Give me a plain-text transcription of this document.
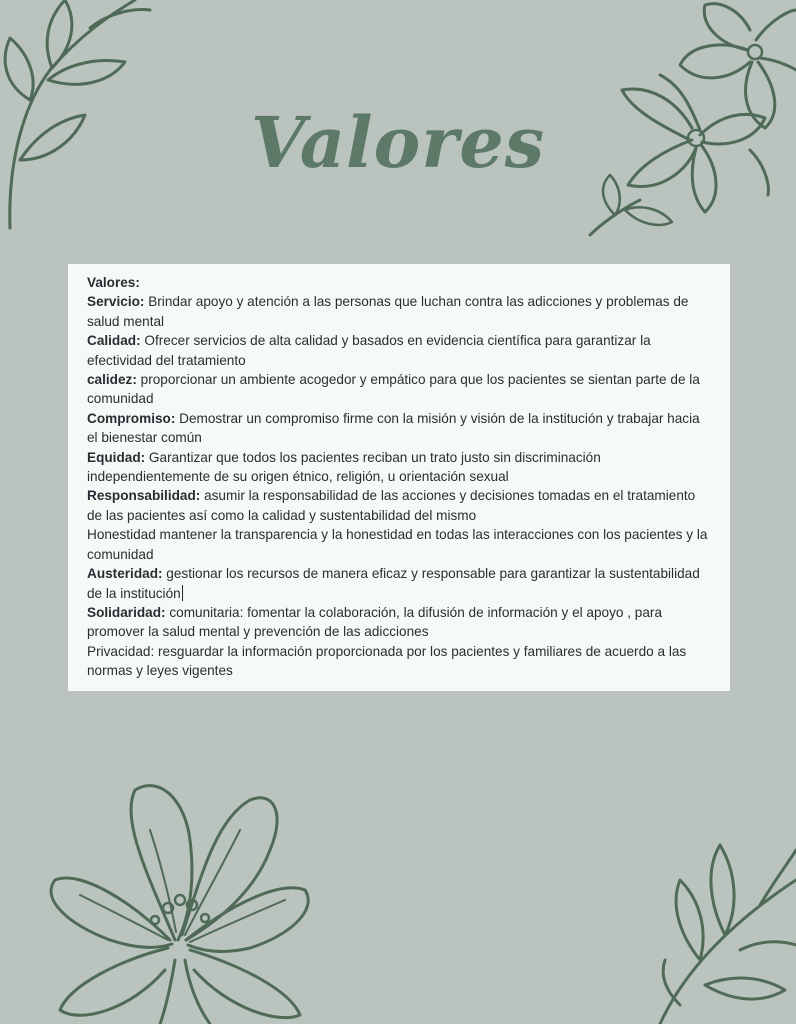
Valores
Valores:
Servicio: Brindar apoyo y atención a las personas que luchan contra las adicciones y problemas de salud mental
Calidad: Ofrecer servicios de alta calidad y basados en evidencia científica para garantizar la efectividad del tratamiento
calidez: proporcionar un ambiente acogedor y empático para que los pacientes se sientan parte de la comunidad
Compromiso: Demostrar un compromiso firme con la misión y visión de la institución y trabajar hacia el bienestar común
Equidad: Garantizar que todos los pacientes reciban un trato justo sin discriminación independientemente de su origen étnico, religión, u orientación sexual
Responsabilidad: asumir la responsabilidad de las acciones y decisiones tomadas en el tratamiento de las pacientes así como la calidad y sustentabilidad del mismo
Honestidad mantener la transparencia y la honestidad en todas las interacciones con los pacientes y la comunidad
Austeridad: gestionar los recursos de manera eficaz y responsable para garantizar la sustentabilidad de la institución
Solidaridad: comunitaria: fomentar la colaboración, la difusión de información y el apoyo , para promover la salud mental y prevención de las adicciones
Privacidad: resguardar la información proporcionada por los pacientes y familiares de acuerdo a las normas y leyes vigentes
